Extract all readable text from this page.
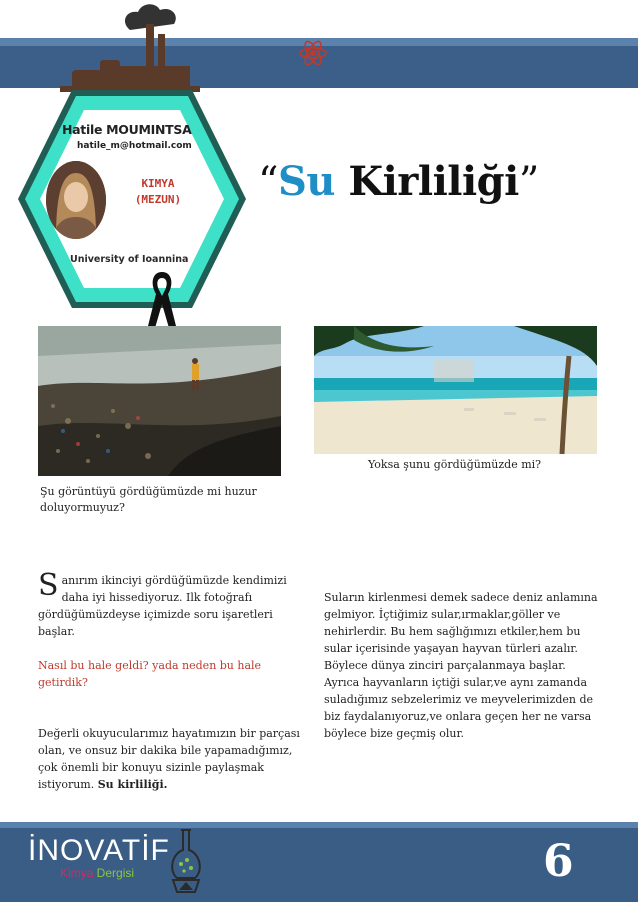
Hatile MOUMINTSA
hatile_m@hotmail.com
KIMYA
(MEZUN)
University of Ioannina
“Su Kirliliği”
Yoksa şunu gördüğümüzde mi?
Şu görüntüyü gördüğümüzde mi huzur doluyormuyuz?

Sanırım ikinciyi gördüğümüzde kendimizi daha iyi hissediyoruz. Ilk fotoğrafı gördüğümüzdeyse içimizde soru işaretleri başlar.

Nasıl bu hale geldi? yada neden bu hale getirdik?

Değerli okuyucularımız hayatımızın bir parçası olan, ve onsuz bir dakika bile yapamadığımız, çok önemli bir konuyu sizinle paylaşmak istiyorum. Su kirliliği.

Suların kirlenmesi demek sadece deniz anlamına gelmiyor. İçtiğimiz sular,ırmaklar,göller ve nehirlerdir. Bu hem sağlığımızı etkiler,hem bu sular içerisinde yaşayan hayvan türleri azalır. Böylece dünya zinciri parçalanmaya başlar. Ayrıca hayvanların içtiği sular,ve aynı zamanda suladığımız sebzelerimiz ve meyvelerimizden de biz faydalanıyoruz,ve onlara geçen her ne varsa böylece bize geçmiş olur.

İNOVATİF
Kimya Dergisi	6
